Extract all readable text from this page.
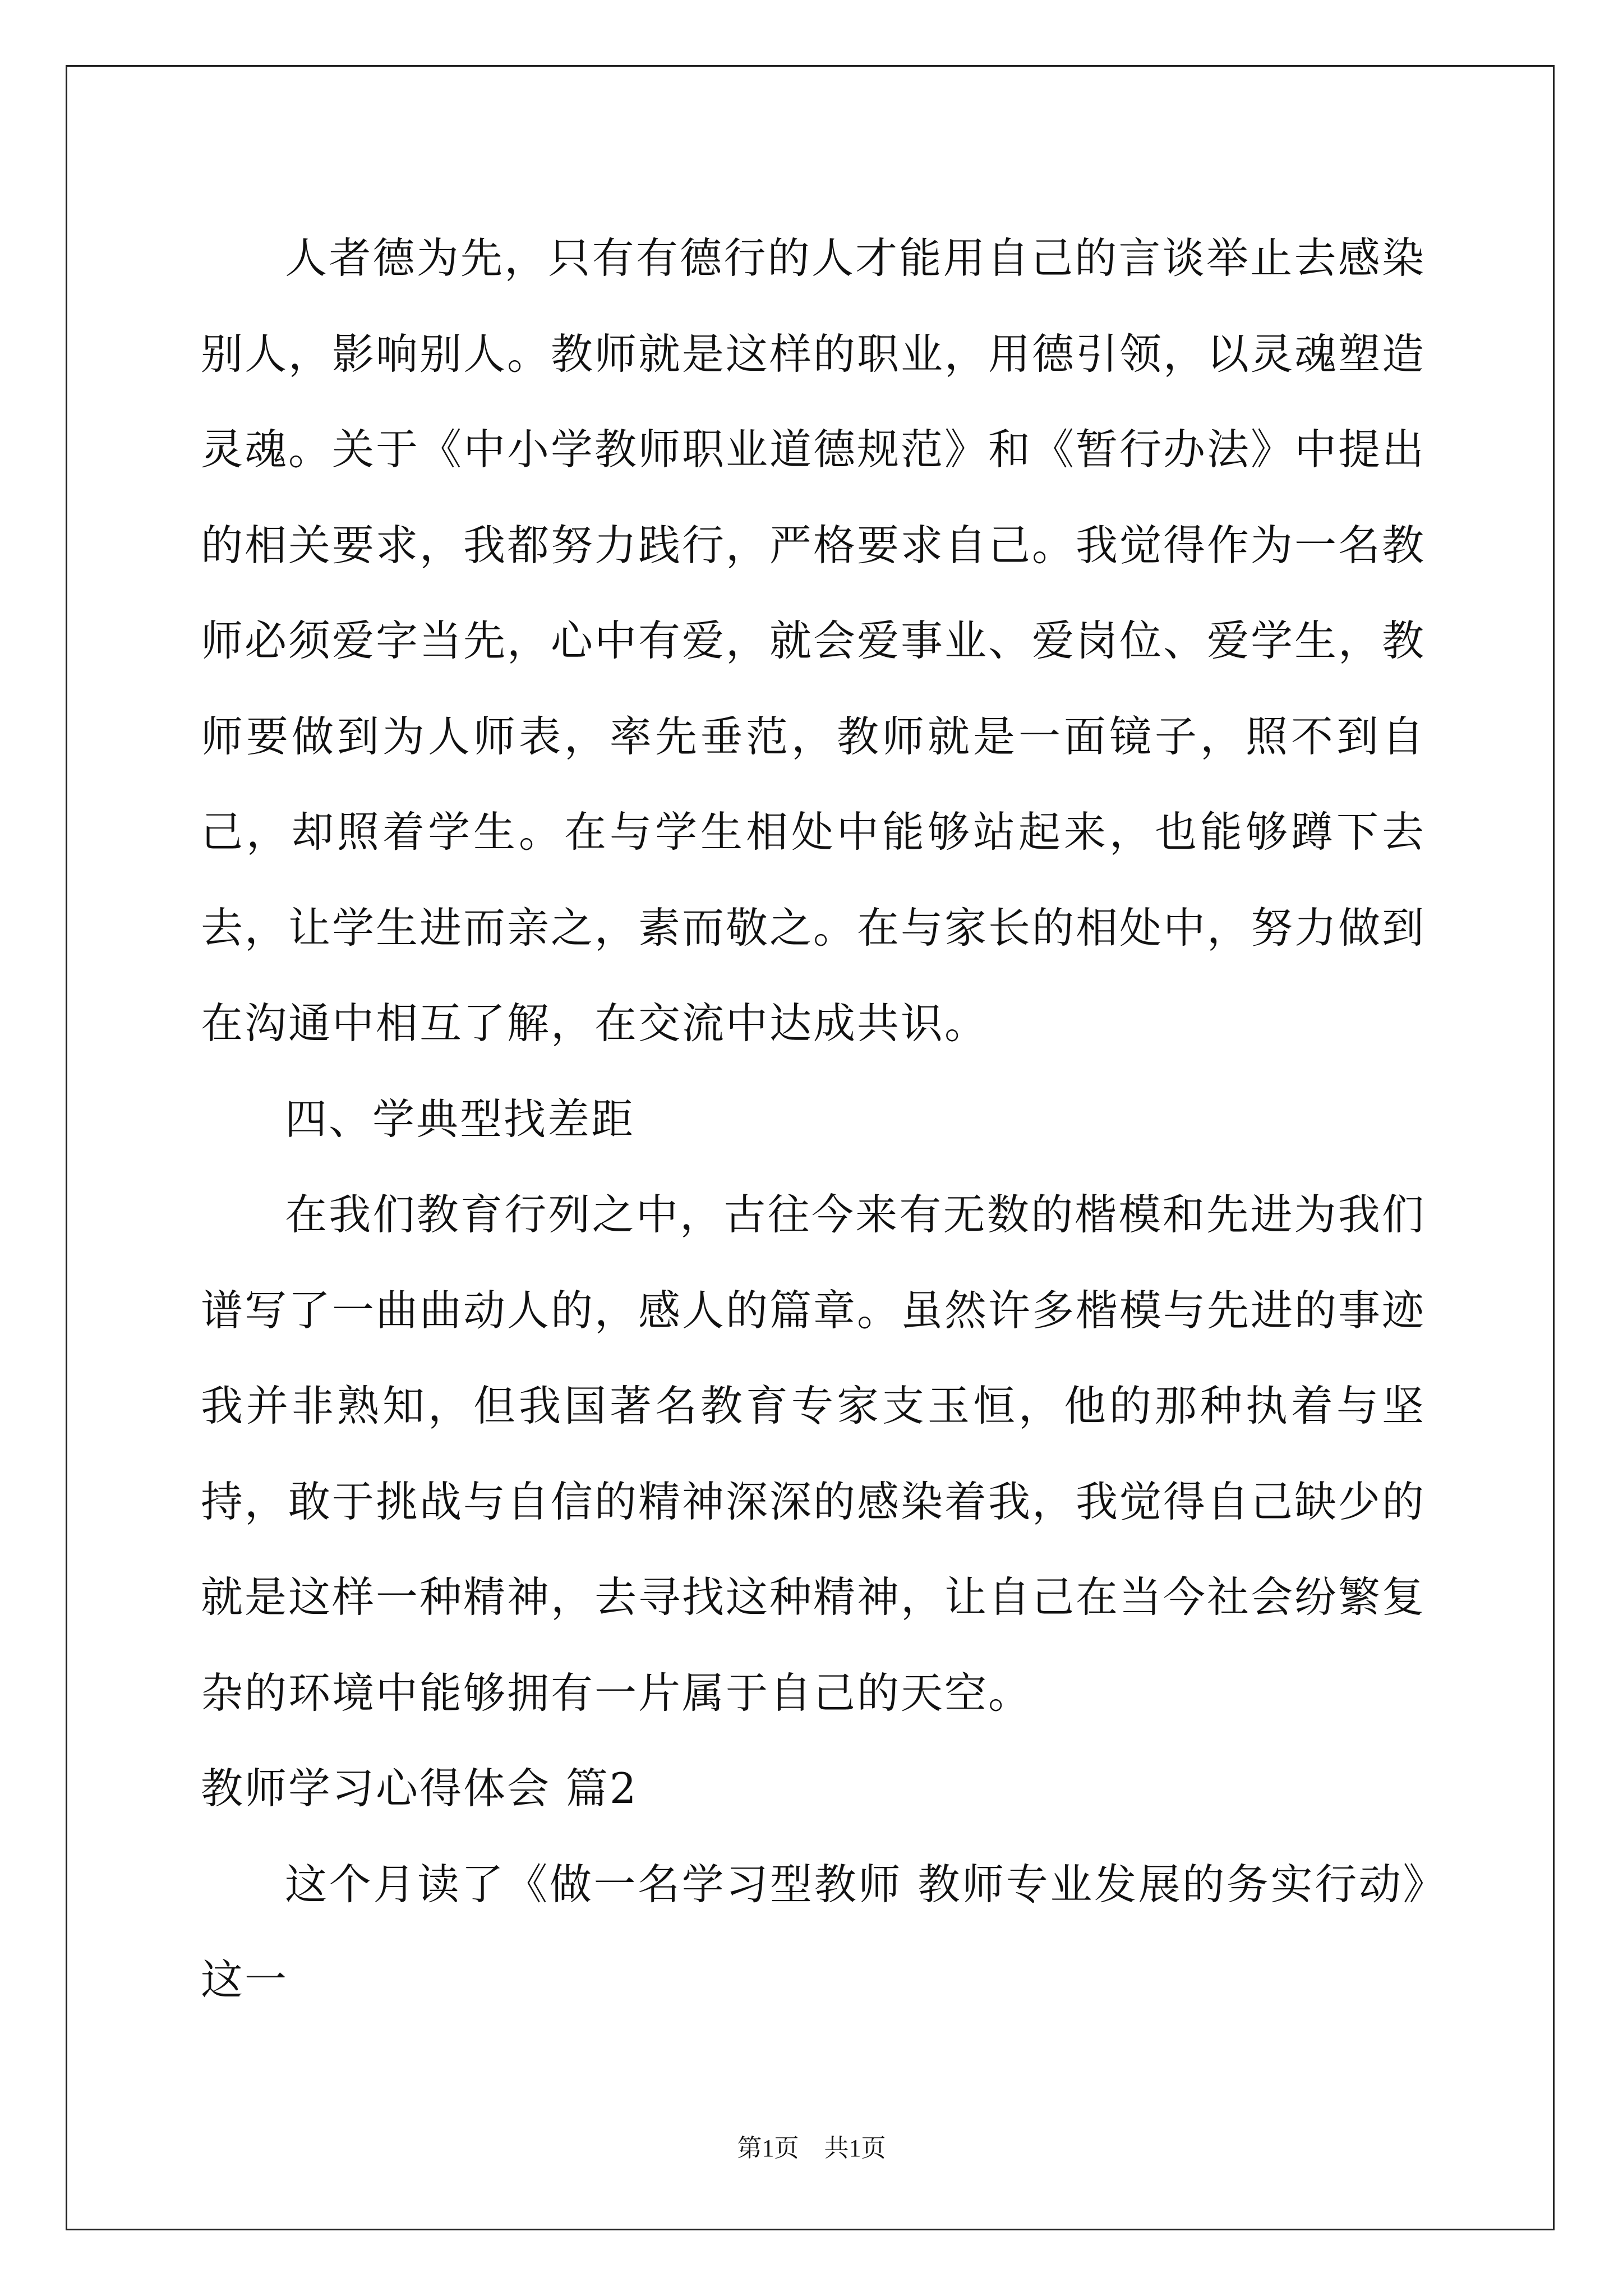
人者德为先，只有有德行的人才能用自己的言谈举止去感染别人，影响别人。教师就是这样的职业，用德引领，以灵魂塑造灵魂。关于《中小学教师职业道德规范》和《暂行办法》中提出的相关要求，我都努力践行，严格要求自己。我觉得作为一名教师必须爱字当先，心中有爱，就会爱事业、爱岗位、爱学生，教师要做到为人师表，率先垂范，教师就是一面镜子，照不到自己，却照着学生。在与学生相处中能够站起来，也能够蹲下去去，让学生进而亲之，素而敬之。在与家长的相处中，努力做到在沟通中相互了解，在交流中达成共识。

四、学典型找差距

在我们教育行列之中，古往今来有无数的楷模和先进为我们谱写了一曲曲动人的，感人的篇章。虽然许多楷模与先进的事迹我并非熟知，但我国著名教育专家支玉恒，他的那种执着与坚持，敢于挑战与自信的精神深深的感染着我，我觉得自己缺少的就是这样一种精神，去寻找这种精神，让自己在当今社会纷繁复杂的环境中能够拥有一片属于自己的天空。

教师学习心得体会 篇2

这个月读了《做一名学习型教师 教师专业发展的务实行动》这一

第1页 共1页
